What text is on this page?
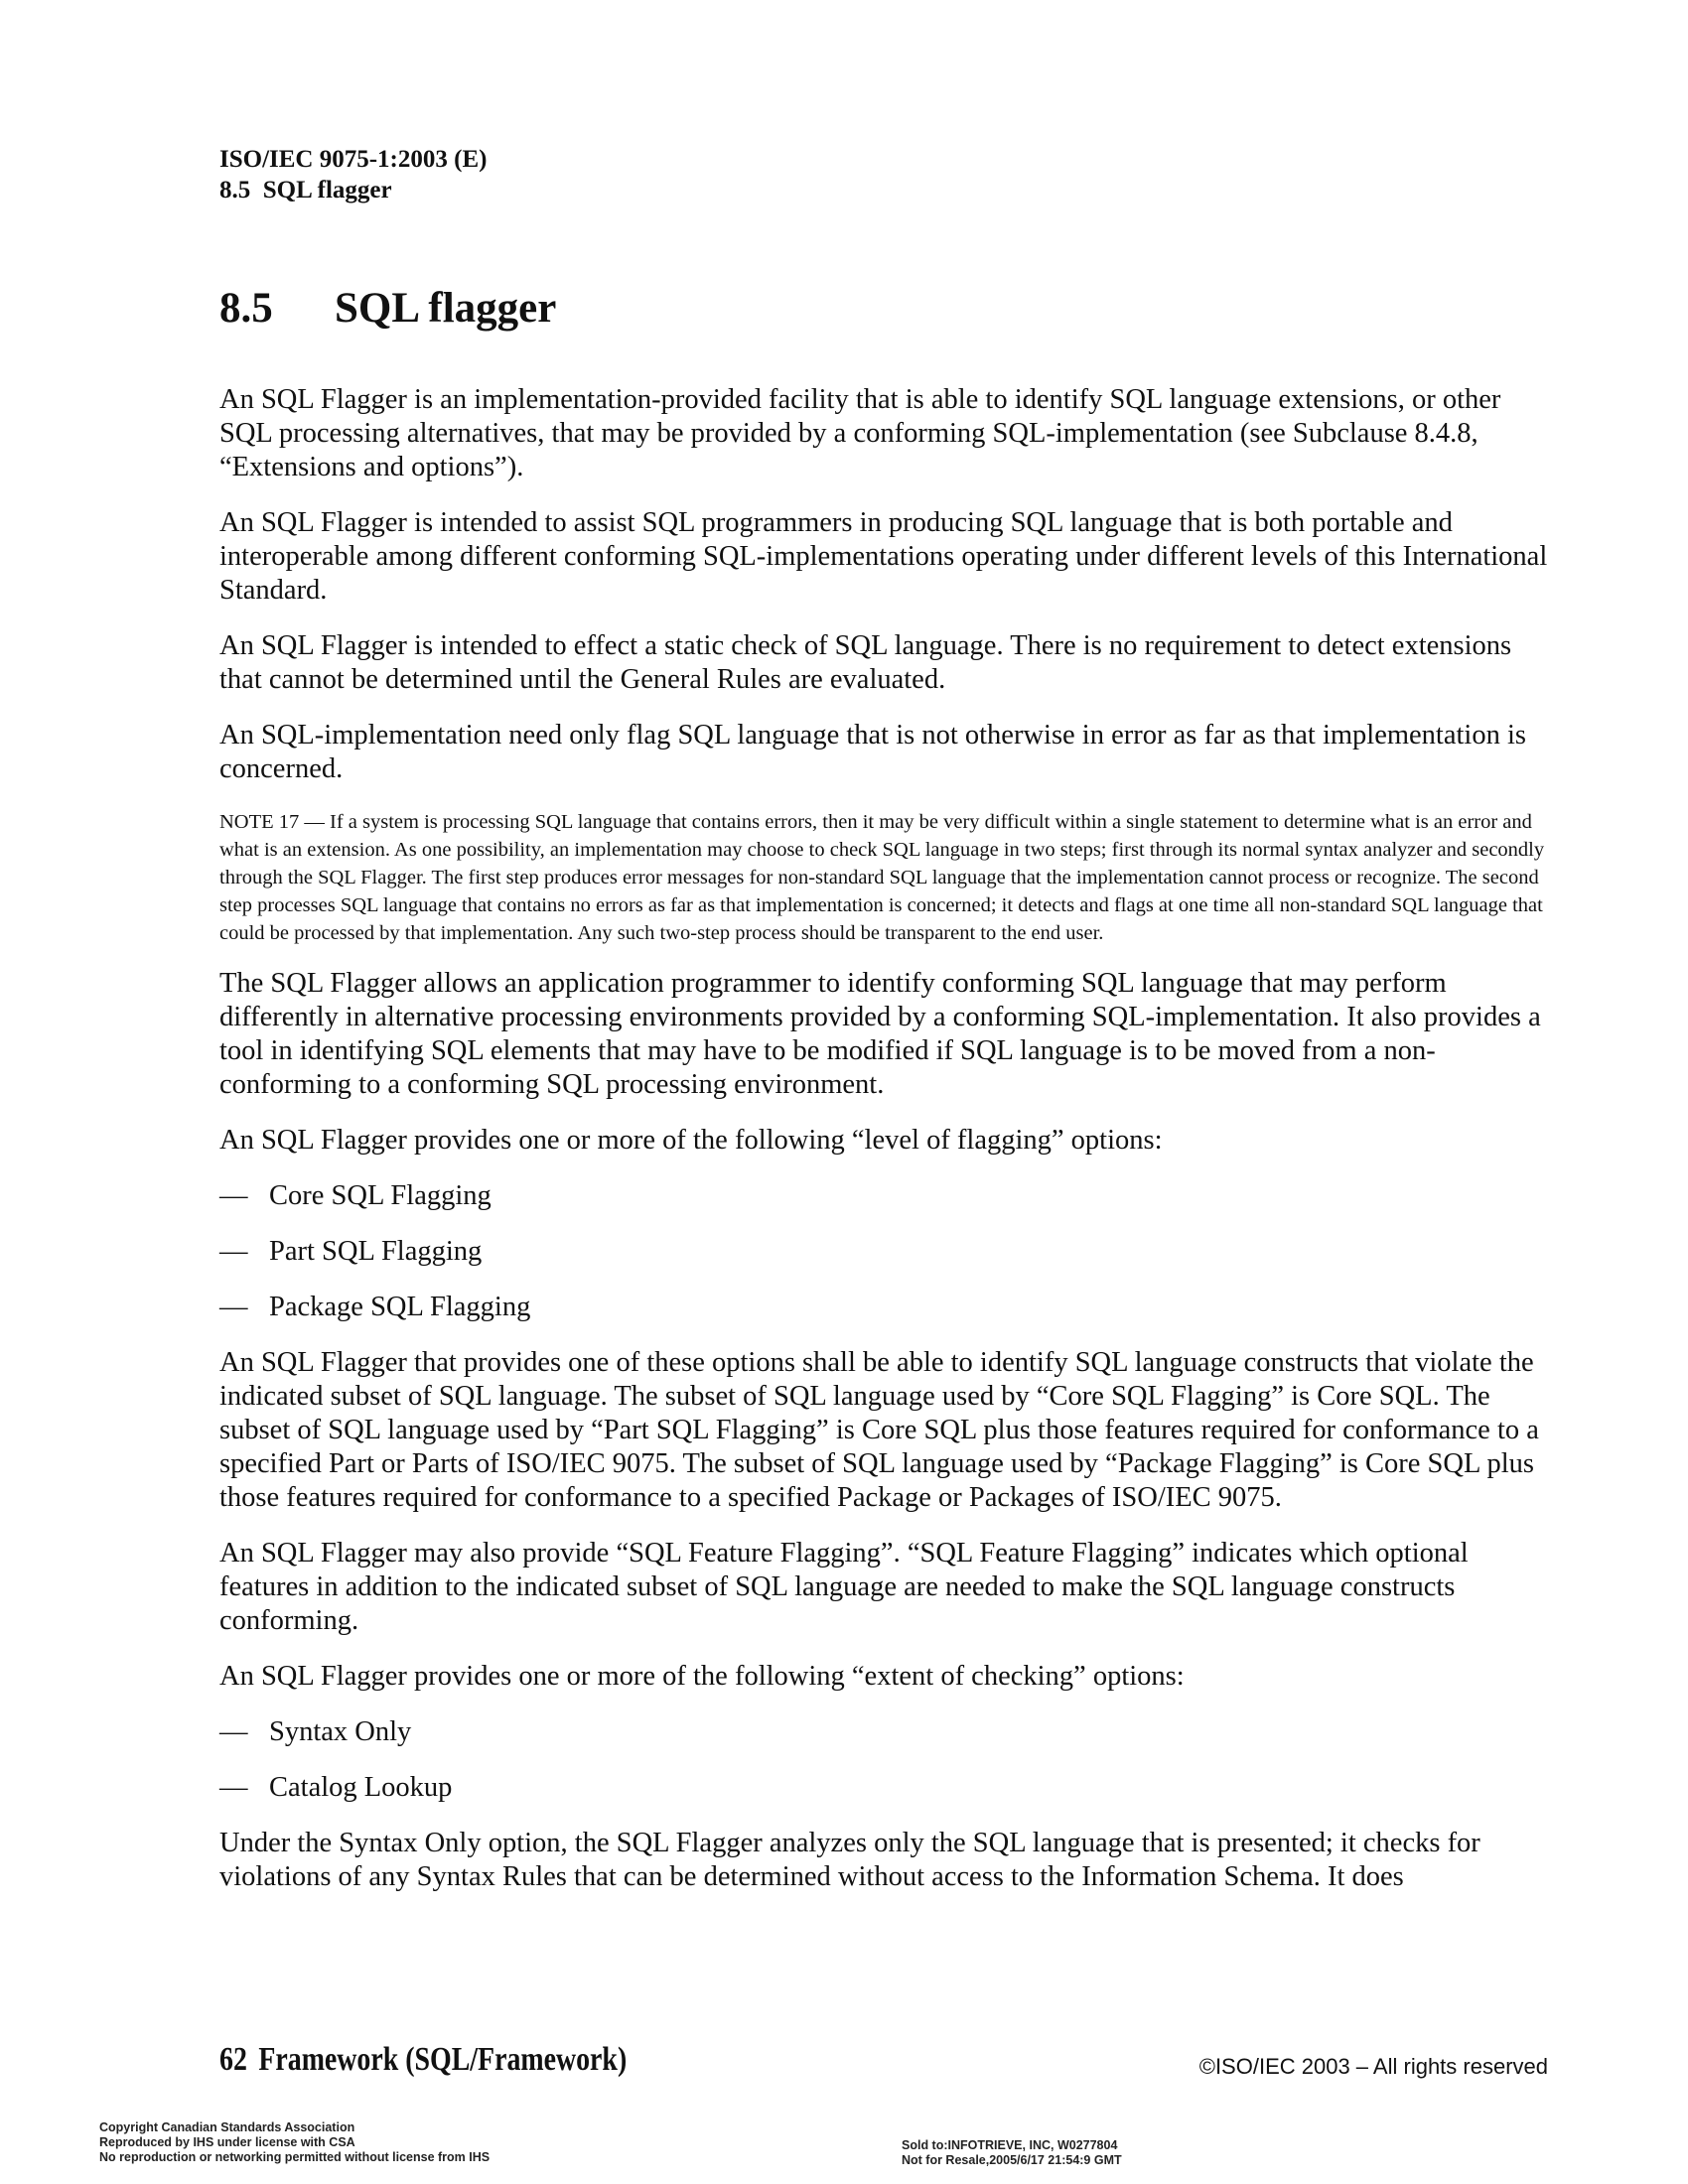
ISO/IEC 9075-1:2003 (E)
8.5  SQL flagger
8.5 SQL flagger

An SQL Flagger is an implementation-provided facility that is able to identify SQL language extensions, or other SQL processing alternatives, that may be provided by a conforming SQL-implementation (see Subclause 8.4.8, “Extensions and options”).

An SQL Flagger is intended to assist SQL programmers in producing SQL language that is both portable and interoperable among different conforming SQL-implementations operating under different levels of this International Standard.

An SQL Flagger is intended to effect a static check of SQL language. There is no requirement to detect extensions that cannot be determined until the General Rules are evaluated.

An SQL-implementation need only flag SQL language that is not otherwise in error as far as that implementation is concerned.

NOTE 17 — If a system is processing SQL language that contains errors, then it may be very difficult within a single statement to determine what is an error and what is an extension. As one possibility, an implementation may choose to check SQL language in two steps; first through its normal syntax analyzer and secondly through the SQL Flagger. The first step produces error messages for non-standard SQL language that the implementation cannot process or recognize. The second step processes SQL language that contains no errors as far as that implementation is concerned; it detects and flags at one time all non-standard SQL language that could be processed by that implementation. Any such two-step process should be transparent to the end user.

The SQL Flagger allows an application programmer to identify conforming SQL language that may perform differently in alternative processing environments provided by a conforming SQL-implementation. It also provides a tool in identifying SQL elements that may have to be modified if SQL language is to be moved from a non-conforming to a conforming SQL processing environment.

An SQL Flagger provides one or more of the following “level of flagging” options:

— Core SQL Flagging
— Part SQL Flagging
— Package SQL Flagging

An SQL Flagger that provides one of these options shall be able to identify SQL language constructs that violate the indicated subset of SQL language. The subset of SQL language used by “Core SQL Flagging” is Core SQL. The subset of SQL language used by “Part SQL Flagging” is Core SQL plus those features required for conformance to a specified Part or Parts of ISO/IEC 9075. The subset of SQL language used by “Package Flagging” is Core SQL plus those features required for conformance to a specified Package or Packages of ISO/IEC 9075.

An SQL Flagger may also provide “SQL Feature Flagging”. “SQL Feature Flagging” indicates which optional features in addition to the indicated subset of SQL language are needed to make the SQL language constructs conforming.

An SQL Flagger provides one or more of the following “extent of checking” options:

— Syntax Only
— Catalog Lookup

Under the Syntax Only option, the SQL Flagger analyzes only the SQL language that is presented; it checks for violations of any Syntax Rules that can be determined without access to the Information Schema. It does

62 Framework (SQL/Framework)	©ISO/IEC 2003 – All rights reserved
Copyright Canadian Standards Association
Reproduced by IHS under license with CSA
No reproduction or networking permitted without license from IHS
Sold to:INFOTRIEVE, INC, W0277804
Not for Resale,2005/6/17 21:54:9 GMT
